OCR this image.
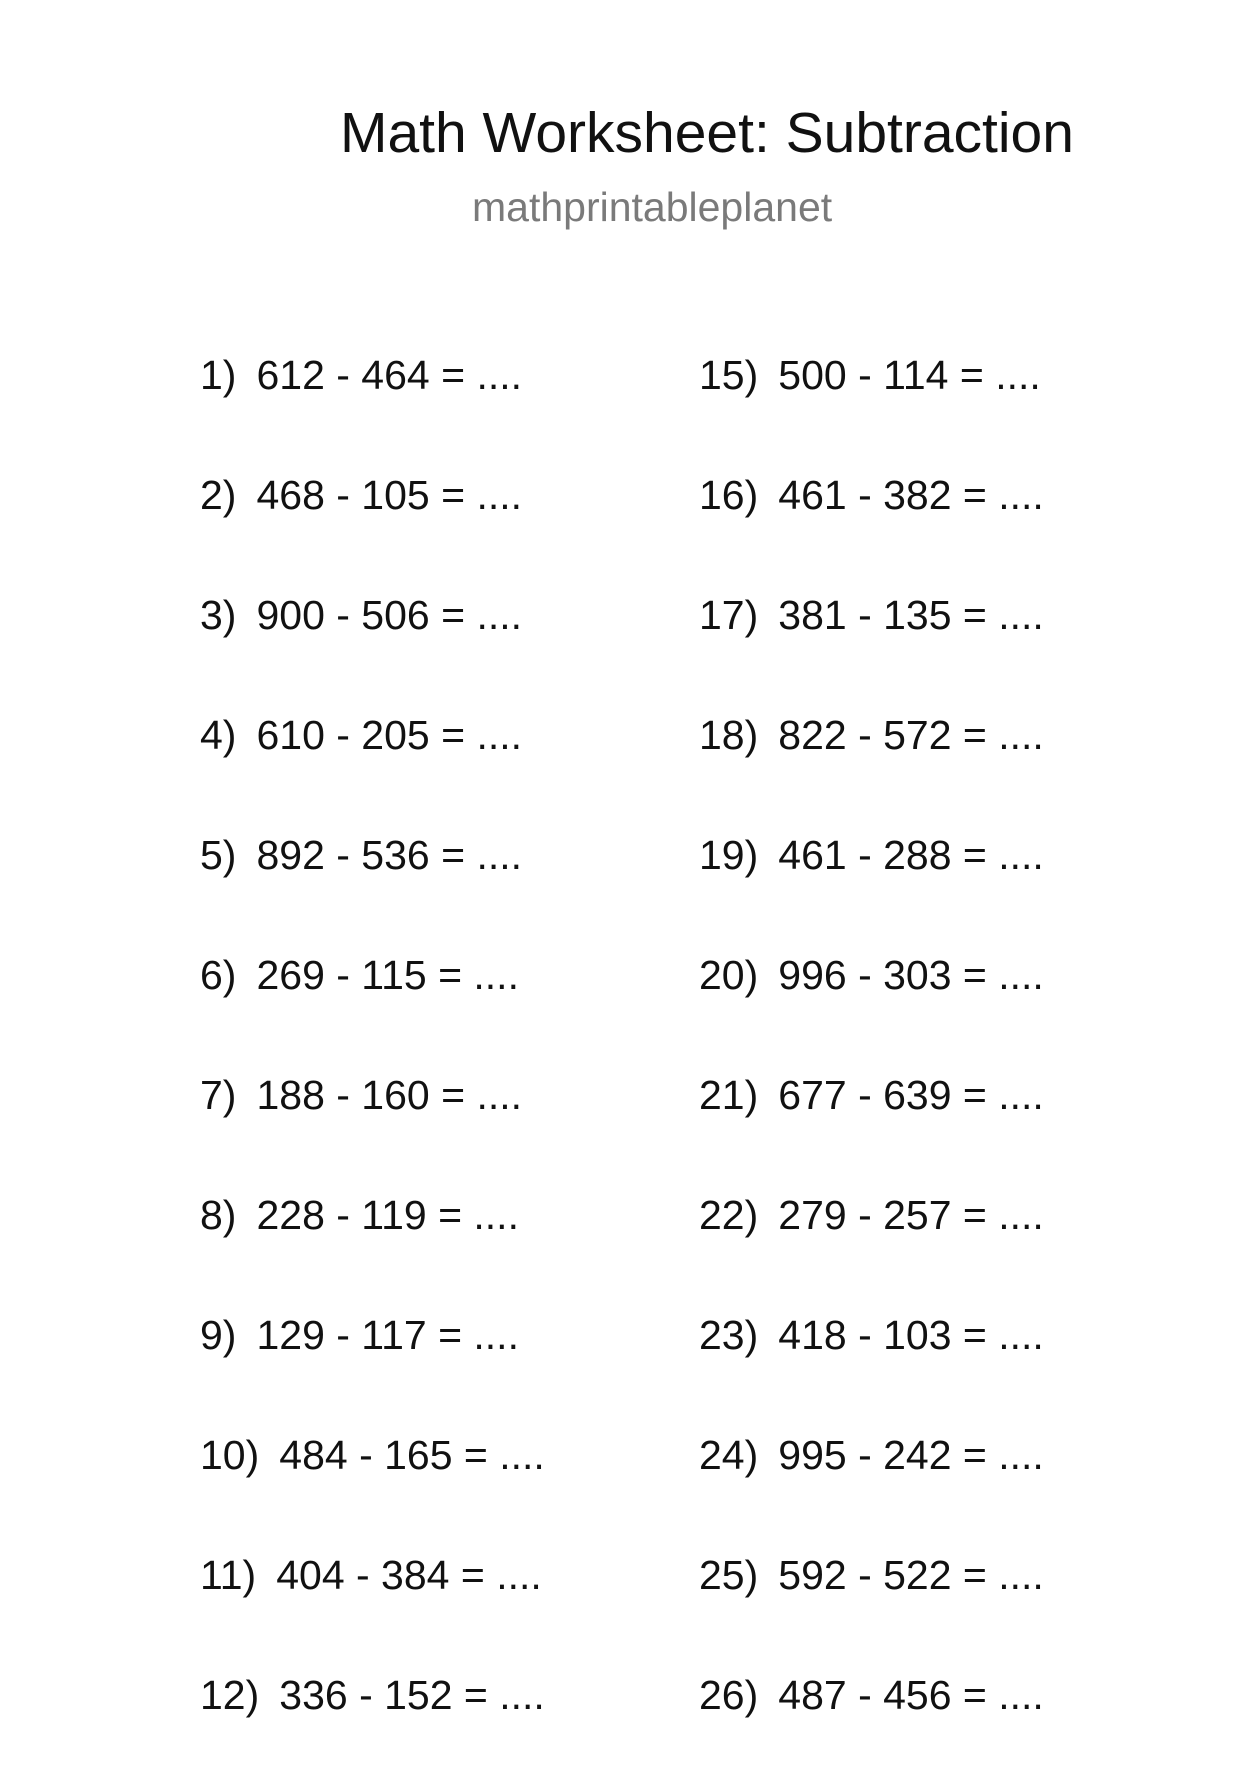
Math Worksheet: Subtraction
mathprintableplanet
1) 612 - 464 = ....
2) 468 - 105 = ....
3) 900 - 506 = ....
4) 610 - 205 = ....
5) 892 - 536 = ....
6) 269 - 115 = ....
7) 188 - 160 = ....
8) 228 - 119 = ....
9) 129 - 117 = ....
10) 484 - 165 = ....
11) 404 - 384 = ....
12) 336 - 152 = ....
15) 500 - 114 = ....
16) 461 - 382 = ....
17) 381 - 135 = ....
18) 822 - 572 = ....
19) 461 - 288 = ....
20) 996 - 303 = ....
21) 677 - 639 = ....
22) 279 - 257 = ....
23) 418 - 103 = ....
24) 995 - 242 = ....
25) 592 - 522 = ....
26) 487 - 456 = ....
